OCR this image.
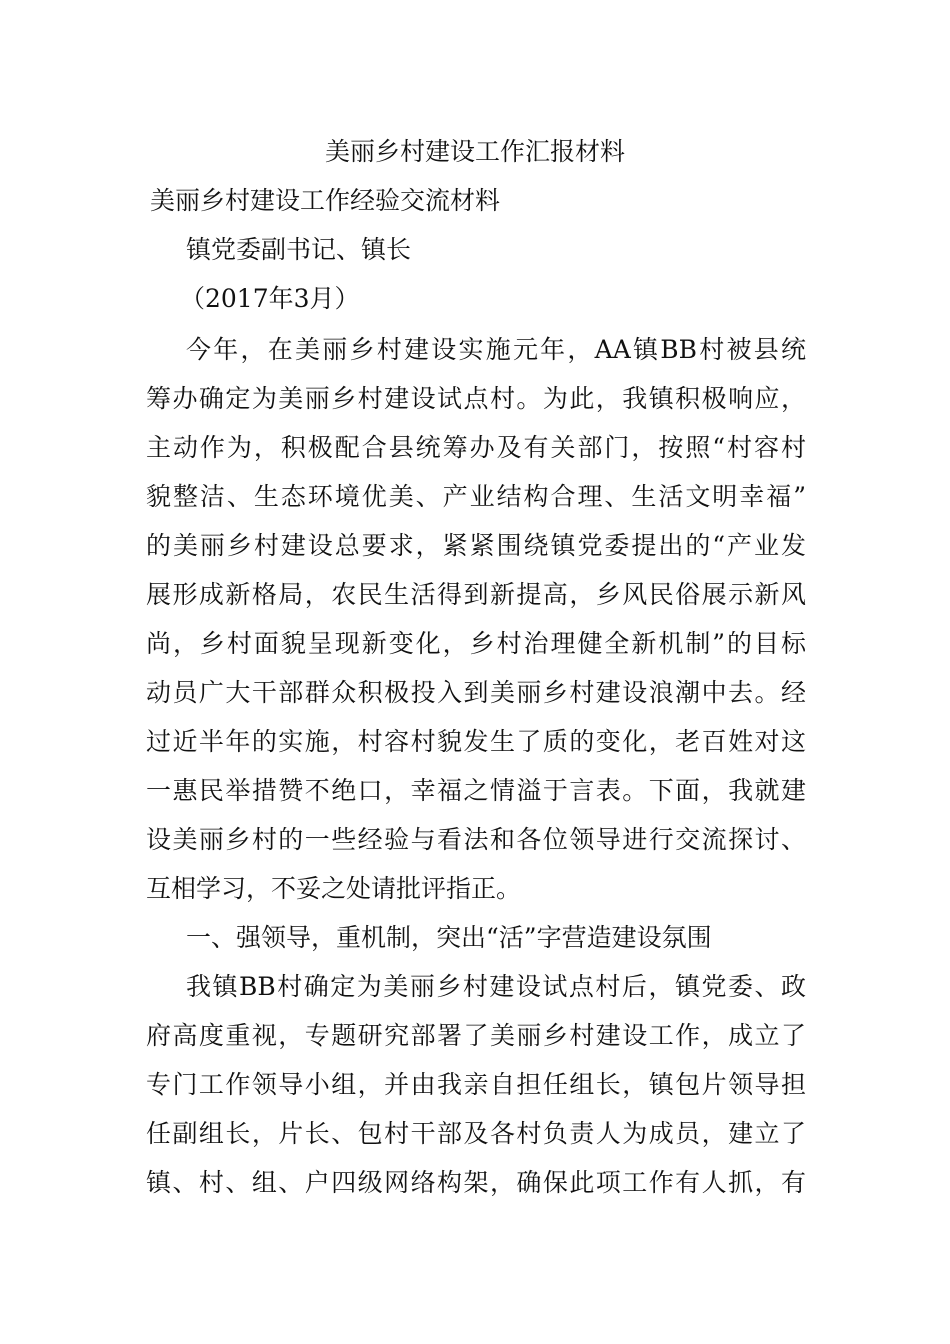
美丽乡村建设工作汇报材料
美丽乡村建设工作经验交流材料
镇党委副书记、镇长
（2017年3月）
今年，在美丽乡村建设实施元年，AA镇BB村被县统
筹办确定为美丽乡村建设试点村。为此，我镇积极响应，
主动作为，积极配合县统筹办及有关部门，按照“村容村
貌整洁、生态环境优美、产业结构合理、生活文明幸福”
的美丽乡村建设总要求，紧紧围绕镇党委提出的“产业发
展形成新格局，农民生活得到新提高，乡风民俗展示新风
尚，乡村面貌呈现新变化，乡村治理健全新机制”的目标
动员广大干部群众积极投入到美丽乡村建设浪潮中去。经
过近半年的实施，村容村貌发生了质的变化，老百姓对这
一惠民举措赞不绝口，幸福之情溢于言表。下面，我就建
设美丽乡村的一些经验与看法和各位领导进行交流探讨、
互相学习，不妥之处请批评指正。
一、强领导，重机制，突出“活”字营造建设氛围
我镇BB村确定为美丽乡村建设试点村后，镇党委、政
府高度重视，专题研究部署了美丽乡村建设工作，成立了
专门工作领导小组，并由我亲自担任组长，镇包片领导担
任副组长，片长、包村干部及各村负责人为成员，建立了
镇、村、组、户四级网络构架，确保此项工作有人抓，有
